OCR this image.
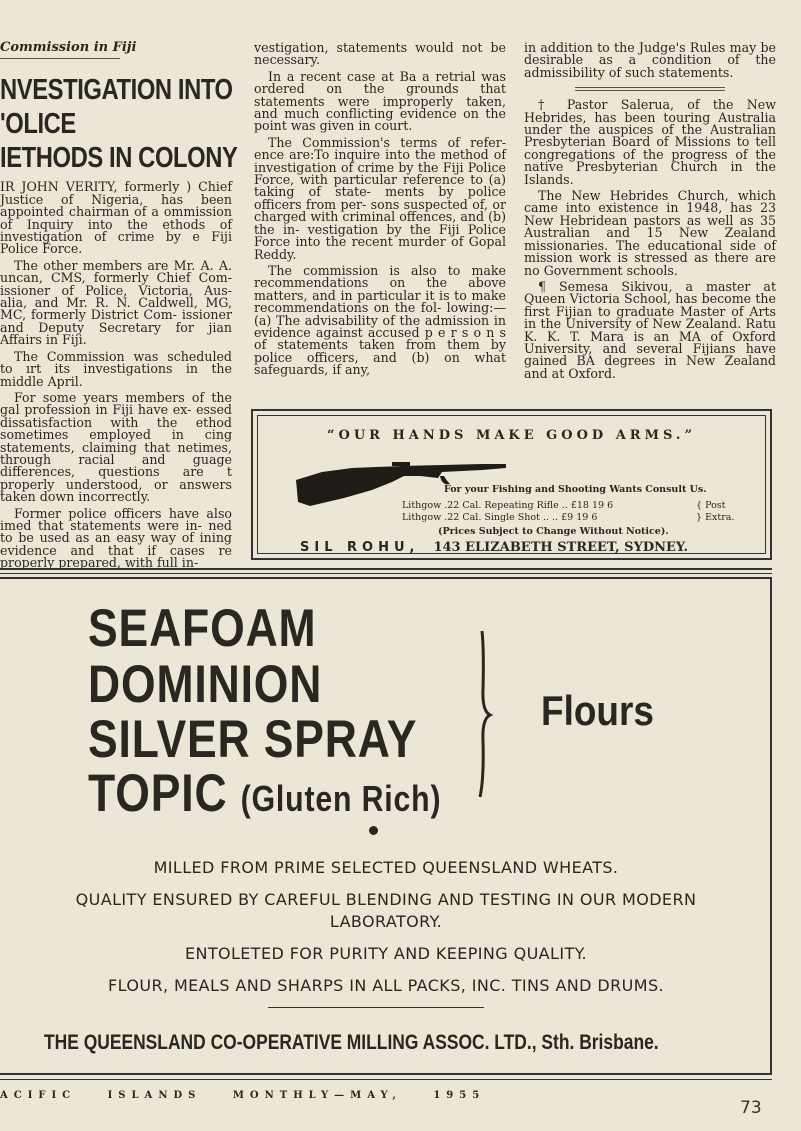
Commission in Fiji

NVESTIGATION INTO
'OLICE
IETHODS IN COLONY

IR JOHN VERITY, formerly ) Chief Justice of Nigeria, has been appointed chairman of a ommission of Inquiry into the ethods of investigation of crime by e Fiji Police Force.

The other members are Mr. A. A. uncan, CMS, formerly Chief Com- issioner of Police, Victoria, Aus- alia, and Mr. R. N. Caldwell, MG, MC, formerly District Com- issioner and Deputy Secretary for jian Affairs in Fiji.

The Commission was scheduled to ırt its investigations in the middle April.

For some years members of the gal profession in Fiji have ex- essed dissatisfaction with the ethod sometimes employed in cing statements, claiming that netimes, through racial and guage differences, questions are t properly understood, or answers taken down incorrectly.

Former police officers have also imed that statements were in- ned to be used as an easy way of ining evidence and that if cases re properly prepared, with full in-

vestigation, statements would not be necessary.

In a recent case at Ba a retrial was ordered on the grounds that statements were improperly taken, and much conflicting evidence on the point was given in court.

The Commission's terms of refer- ence are:To inquire into the method of investigation of crime by the Fiji Police Force, with particular reference to (a) taking of state- ments by police officers from per- sons suspected of, or charged with criminal offences, and (b) the in- vestigation by the Fiji Police Force into the recent murder of Gopal Reddy.

The commission is also to make recommendations on the above matters, and in particular it is to make recommendations on the fol- lowing:—(a) The advisability of the admission in evidence against accused p e r s o n s of statements taken from them by police officers, and (b) on what safeguards, if any,

in addition to the Judge's Rules may be desirable as a condition of the admissibility of such statements.

† Pastor Salerua, of the New Hebrides, has been touring Australia under the auspices of the Australian Presbyterian Board of Missions to tell congregations of the progress of the native Presbyterian Church in the Islands.

The New Hebrides Church, which came into existence in 1948, has 23 New Hebridean pastors as well as 35 Australian and 15 New Zealand missionaries. The educational side of mission work is stressed as there are no Government schools.

¶ Semesa Sikivou, a master at Queen Victoria School, has become the first Fijian to graduate Master of Arts in the University of New Zealand. Ratu K. K. T. Mara is an MA of Oxford University, and several Fijians have gained BA degrees in New Zealand and at Oxford.

“OUR HANDS MAKE GOOD ARMS.”
For your Fishing and Shooting Wants Consult Us.
Lithgow .22 Cal. Repeating Rifle .. £18 19 6
Lithgow .22 Cal. Single Shot .. .. £9 19 6
{ Post
} Extra.
(Prices Subject to Change Without Notice).
SIL ROHU, 143 ELIZABETH STREET, SYDNEY.
SEAFOAM
DOMINION
SILVER SPRAY
TOPIC (Gluten Rich)
Flours
MILLED FROM PRIME SELECTED QUEENSLAND WHEATS.
QUALITY ENSURED BY CAREFUL BLENDING AND TESTING IN OUR MODERN LABORATORY.
ENTOLETED FOR PURITY AND KEEPING QUALITY.
FLOUR, MEALS AND SHARPS IN ALL PACKS, INC. TINS AND DRUMS.
THE QUEENSLAND CO-OPERATIVE MILLING ASSOC. LTD., Sth. Brisbane.
ACIFIC	ISLANDS	MONTHLY—MAY,	1955
73
